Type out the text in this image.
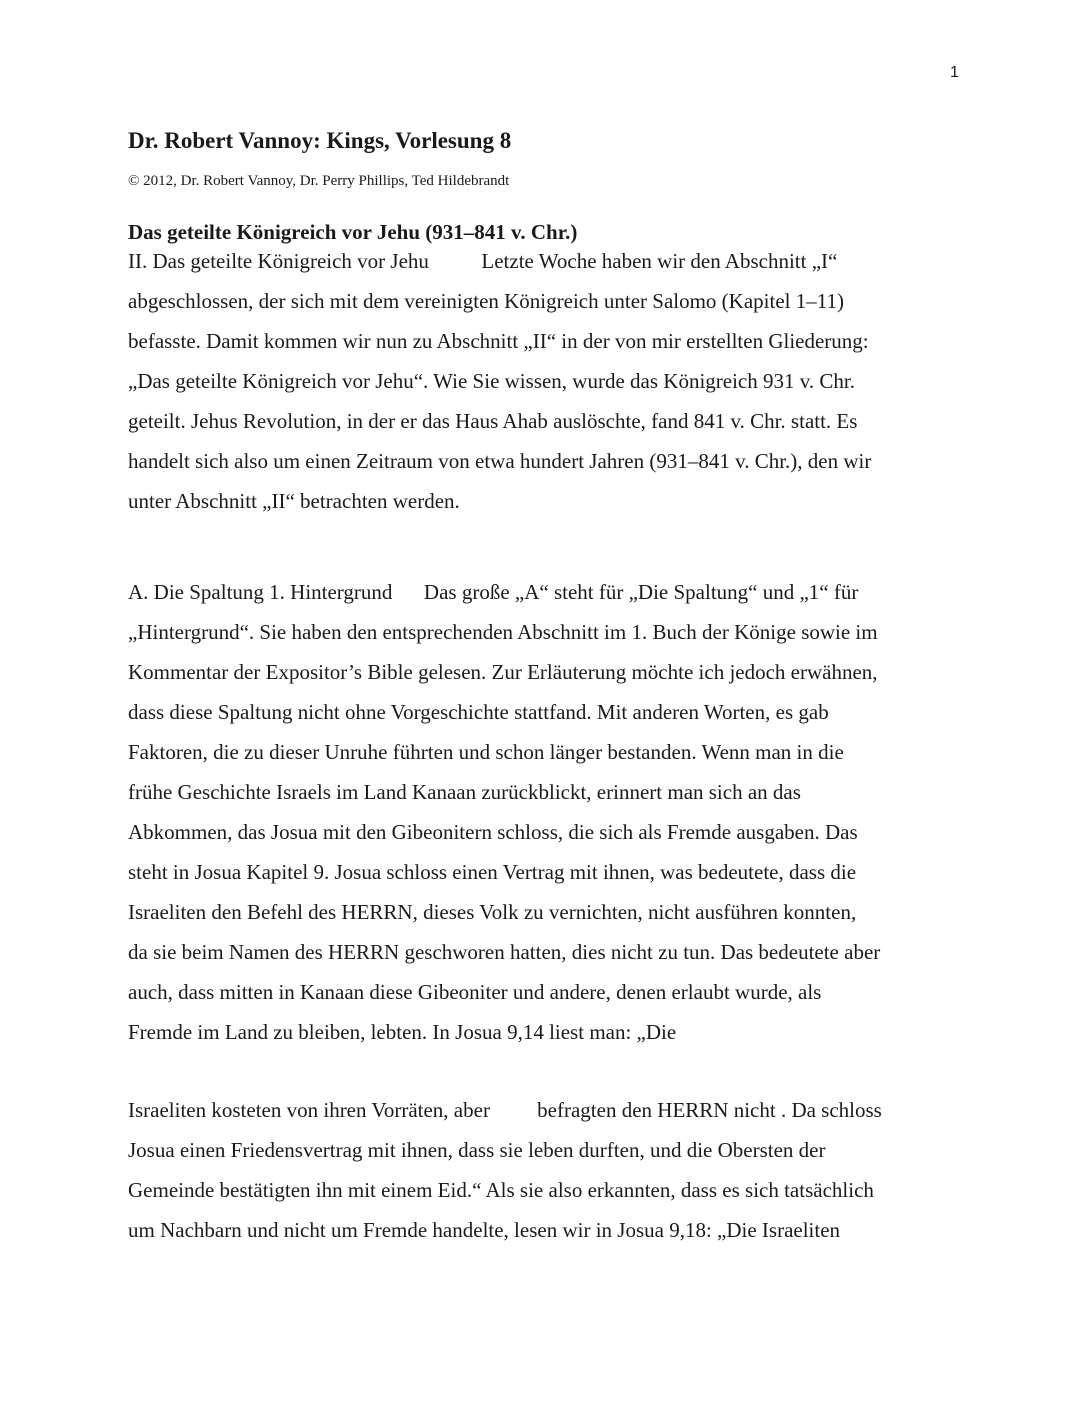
1
Dr. Robert Vannoy: Kings, Vorlesung 8
© 2012, Dr. Robert Vannoy, Dr. Perry Phillips, Ted Hildebrandt
Das geteilte Königreich vor Jehu (931–841 v. Chr.)
II. Das geteilte Königreich vor Jehu          Letzte Woche haben wir den Abschnitt „I“
abgeschlossen, der sich mit dem vereinigten Königreich unter Salomo (Kapitel 1–11)
befasste. Damit kommen wir nun zu Abschnitt „II“ in der von mir erstellten Gliederung:
„Das geteilte Königreich vor Jehu“. Wie Sie wissen, wurde das Königreich 931 v. Chr.
geteilt. Jehus Revolution, in der er das Haus Ahab auslöschte, fand 841 v. Chr. statt. Es
handelt sich also um einen Zeitraum von etwa hundert Jahren (931–841 v. Chr.), den wir
unter Abschnitt „II“ betrachten werden.
A. Die Spaltung 1. Hintergrund      Das große „A“ steht für „Die Spaltung“ und „1“ für
„Hintergrund“. Sie haben den entsprechenden Abschnitt im 1. Buch der Könige sowie im
Kommentar der Expositor’s Bible gelesen. Zur Erläuterung möchte ich jedoch erwähnen,
dass diese Spaltung nicht ohne Vorgeschichte stattfand. Mit anderen Worten, es gab
Faktoren, die zu dieser Unruhe führten und schon länger bestanden. Wenn man in die
frühe Geschichte Israels im Land Kanaan zurückblickt, erinnert man sich an das
Abkommen, das Josua mit den Gibeonitern schloss, die sich als Fremde ausgaben. Das
steht in Josua Kapitel 9. Josua schloss einen Vertrag mit ihnen, was bedeutete, dass die
Israeliten den Befehl des HERRN, dieses Volk zu vernichten, nicht ausführen konnten,
da sie beim Namen des HERRN geschworen hatten, dies nicht zu tun. Das bedeutete aber
auch, dass mitten in Kanaan diese Gibeoniter und andere, denen erlaubt wurde, als
Fremde im Land zu bleiben, lebten. In Josua 9,14 liest man: „Die
Israeliten kosteten von ihren Vorräten, aber         befragten den HERRN nicht . Da schloss
Josua einen Friedensvertrag mit ihnen, dass sie leben durften, und die Obersten der
Gemeinde bestätigten ihn mit einem Eid.“ Als sie also erkannten, dass es sich tatsächlich
um Nachbarn und nicht um Fremde handelte, lesen wir in Josua 9,18: „Die Israeliten
